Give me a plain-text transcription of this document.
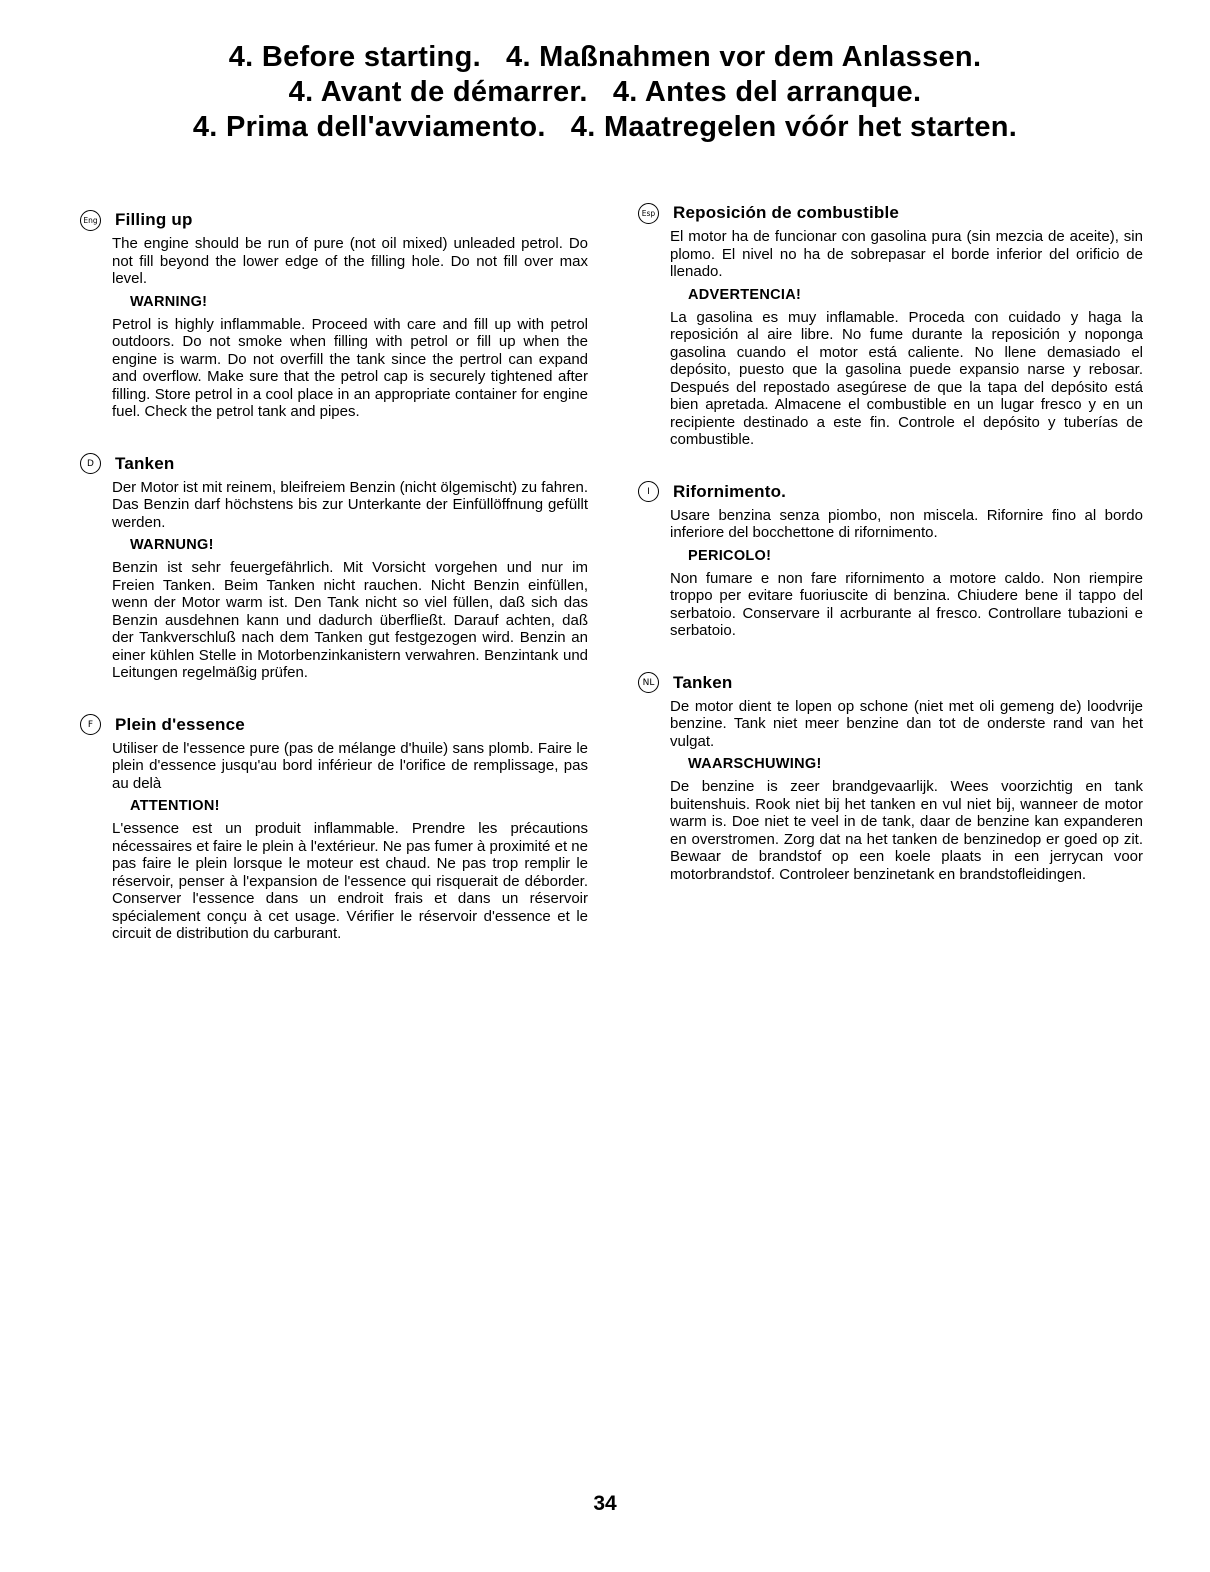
4. Before starting.   4. Maßnahmen vor dem Anlassen.
4. Avant de démarrer.   4. Antes del arranque.
4. Prima dell'avviamento.   4. Maatregelen vóór het starten.
Eng Filling up

The engine should be run of pure (not oil mixed) unleaded petrol. Do not fill beyond the lower edge of the filling hole. Do not fill over max level.

WARNING!

Petrol is highly inflammable. Proceed with care and fill up with petrol outdoors. Do not smoke when filling with petrol or fill up when the engine is warm. Do not overfill the tank since the pertrol can expand and overflow. Make sure that the petrol cap is securely tightened after filling. Store petrol in a cool place in an appropriate container for engine fuel. Check the petrol tank and pipes.

D	Tanken

Der Motor ist mit reinem, bleifreiem Benzin (nicht ölgemischt) zu fahren. Das Benzin darf höchstens bis zur Unterkante der Einfüllöffnung gefüllt werden.

WARNUNG!

Benzin ist sehr feuergefährlich. Mit Vorsicht vorgehen und nur im Freien Tanken. Beim Tanken nicht rauchen. Nicht Benzin einfüllen, wenn der Motor warm ist. Den Tank nicht so viel füllen, daß sich das Benzin ausdehnen kann und dadurch überfließt. Darauf achten, daß der Tankverschluß nach dem Tanken gut festgezogen wird. Benzin an einer kühlen Stelle in Motorbenzinkanistern verwahren. Benzintank und Leitungen regelmäßig prüfen.

F	Plein d'essence

Utiliser de l'essence pure (pas de mélange d'huile) sans plomb. Faire le plein d'essence jusqu'au bord inférieur de l'orifice de remplissage, pas au delà

ATTENTION!

L'essence est un produit inflammable. Prendre les précautions nécessaires et faire le plein à l'extérieur. Ne pas fumer à proximité et ne pas faire le plein lorsque le moteur est chaud. Ne pas trop remplir le réservoir, penser à l'expansion de l'essence qui risquerait de déborder. Conserver l'essence dans un endroit frais et dans un réservoir spécialement conçu à cet usage. Vérifier le réservoir d'essence et le circuit de distribution du carburant.

Esp Reposición de combustible

El motor ha de funcionar con gasolina pura (sin mezcia de aceite), sin plomo. El nivel no ha de sobrepasar el borde inferior del orificio de llenado.

ADVERTENCIA!

La gasolina es muy inflamable. Proceda con cuidado y haga la reposición al aire libre. No fume durante la reposición y noponga gasolina cuando el motor está caliente. No llene demasiado el depósito, puesto que la gasolina puede expansio narse y rebosar. Después del repostado asegúrese de que la tapa del depósito está bien apretada. Almacene el combustible en un lugar fresco y en un recipiente destinado a este fin. Controle el depósito y tuberías de combustible.

I	Rifornimento.

Usare benzina senza piombo, non miscela. Rifornire fino al bordo inferiore del bocchettone di rifornimento.

PERICOLO!

Non fumare e non fare rifornimento a motore caldo. Non riempire troppo per evitare fuoriuscite di benzina. Chiudere bene il tappo del serbatoio. Conservare il acrburante al fresco. Controllare tubazioni e serbatoio.

NL Tanken

De motor dient te lopen op schone (niet met oli gemeng de) loodvrije benzine. Tank niet meer benzine dan tot de onderste rand van het vulgat.

WAARSCHUWING!

De benzine is zeer brandgevaarlijk. Wees voorzichtig en tank buitenshuis. Rook niet bij het tanken en vul niet bij, wanneer de motor warm is. Doe niet te veel in de tank, daar de benzine kan expanderen en overstromen. Zorg dat na het tanken de benzinedop er goed op zit. Bewaar de brandstof op een koele plaats in een jerrycan voor motorbrandstof. Controleer benzinetank en brandstofleidingen.

34
